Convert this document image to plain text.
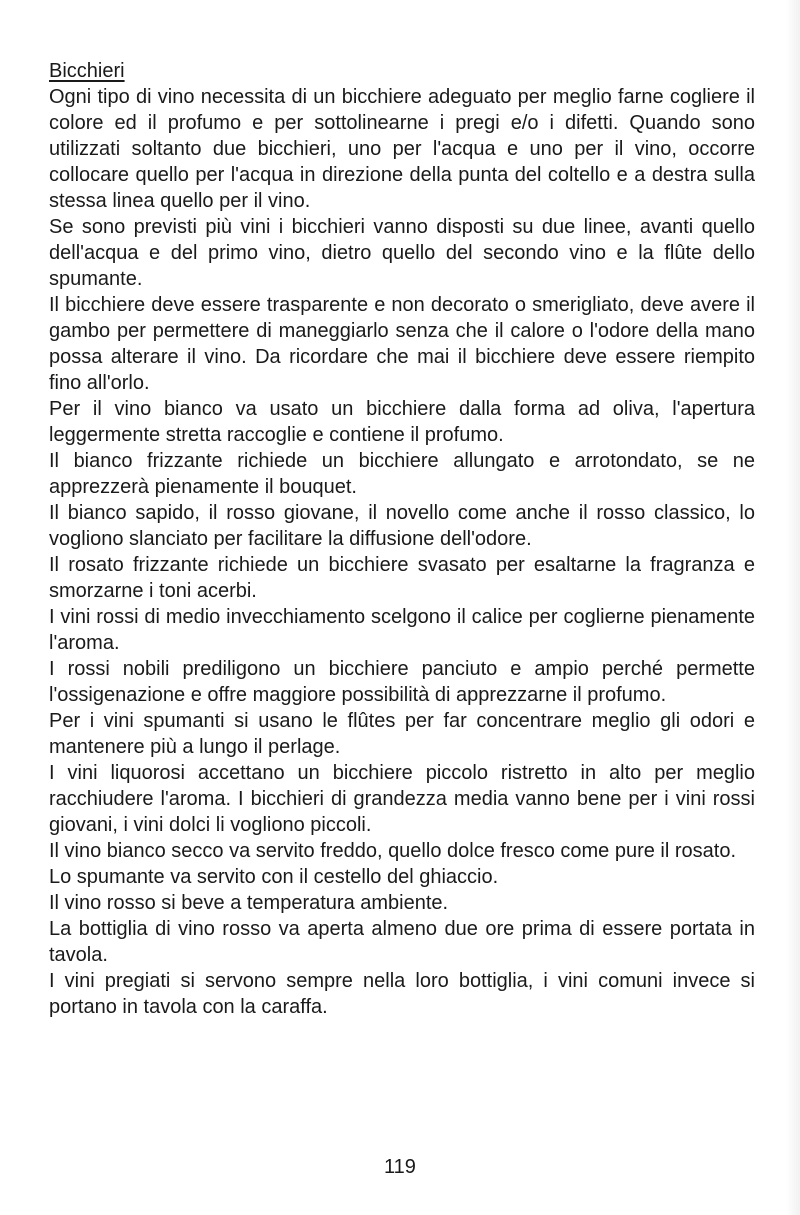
Bicchieri

Ogni tipo di vino necessita di un bicchiere adeguato per meglio farne cogliere il colore ed il profumo e per sottolinearne i pregi e/o i difetti. Quando sono utilizzati soltanto due bicchieri, uno per l'acqua e uno per il vino, occorre collocare quello per l'acqua in direzione della punta del coltello e a destra sulla stessa linea quello per il vino.

Se sono previsti più vini i bicchieri vanno disposti su due linee, avanti quello dell'acqua e del primo vino, dietro quello del secondo vino e la flûte dello spumante.

Il bicchiere deve essere trasparente e non decorato o smerigliato, deve avere il gambo per permettere di maneggiarlo senza che il calore o l'odore della mano possa alterare il vino. Da ricordare che mai il bicchiere deve essere riempito fino all'orlo.

Per il vino bianco va usato un bicchiere dalla forma ad oliva, l'apertura leggermente stretta raccoglie e contiene il profumo.

Il bianco frizzante richiede un bicchiere allungato e arrotondato, se ne apprezzerà pienamente il bouquet.

Il bianco sapido, il rosso giovane, il novello come anche il rosso classico, lo vogliono slanciato per facilitare la diffusione dell'odore.

Il rosato frizzante richiede un bicchiere svasato per esaltarne la fragranza e smorzarne i toni acerbi.

I vini rossi di medio invecchiamento scelgono il calice per coglierne pienamente l'aroma.

I rossi nobili prediligono un bicchiere panciuto e ampio perché permette l'ossigenazione e offre maggiore possibilità di apprezzarne il profumo.

Per i vini spumanti si usano le flûtes per far concentrare meglio gli odori e mantenere più a lungo il perlage.

I vini liquorosi accettano un bicchiere piccolo ristretto in alto per meglio racchiudere l'aroma. I bicchieri di grandezza media vanno bene per i vini rossi giovani, i vini dolci li vogliono piccoli.

Il vino bianco secco va servito freddo, quello dolce fresco come pure il rosato.

Lo spumante va servito con il cestello del ghiaccio.

Il vino rosso si beve a temperatura ambiente.

La bottiglia di vino rosso va aperta almeno due ore prima di essere portata in tavola.

I vini pregiati si servono sempre nella loro bottiglia, i vini comuni invece si portano in tavola con la caraffa.

119
